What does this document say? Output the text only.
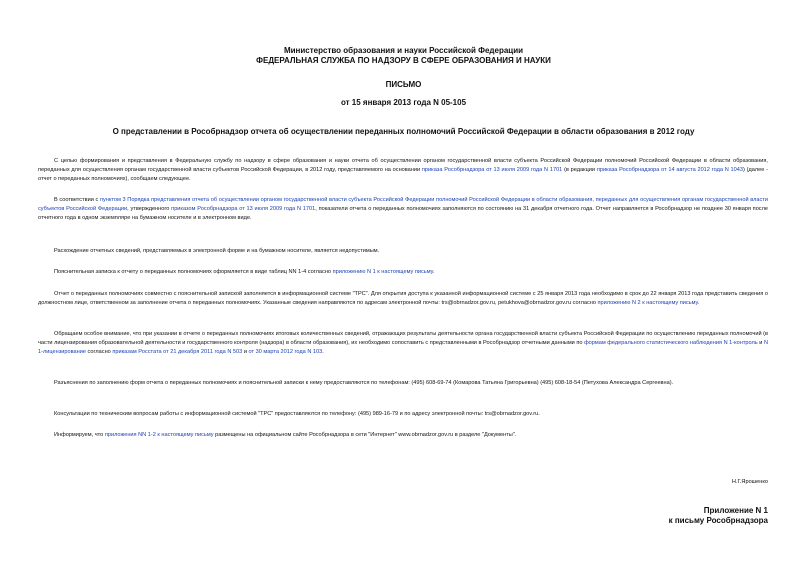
Министерство образования и науки Российской Федерации
ФЕДЕРАЛЬНАЯ СЛУЖБА ПО НАДЗОРУ В СФЕРЕ ОБРАЗОВАНИЯ И НАУКИ
ПИСЬМО
от 15 января 2013 года N 05-105
О представлении в Рособрнадзор отчета об осуществлении переданных полномочий Российской Федерации в области образования в 2012 году

С целью формирования и представления в Федеральную службу по надзору в сфере образования и науки отчета об осуществлении органом государственной власти субъекта Российской Федерации полномочий Российской Федерации в области образования, переданных для осуществления органам государственной власти субъектов Российской Федерации, в 2012 году, представляемого на основании приказа Рособрнадзора от 13 июля 2009 года N 1701 (в редакции приказа Рособрнадзора от 14 августа 2012 года N 1043) (далее - отчет о переданных полномочиях), сообщаем следующее.

В соответствии с пунктом 3 Порядка представления отчета об осуществлении органом государственной власти субъекта Российской Федерации полномочий Российской Федерации в области образования, переданных для осуществления органам государственной власти субъектов Российской Федерации, утвержденного приказом Рособрнадзора от 13 июля 2009 года N 1701, показатели отчета о переданных полномочиях заполняются по состоянию на 31 декабря отчетного года. Отчет направляется в Рособрнадзор не позднее 30 января после отчетного года в одном экземпляре на бумажном носителе и в электронном виде.

Расхождение отчетных сведений, представляемых в электронной форме и на бумажном носителе, является недопустимым.

Пояснительная записка к отчету о переданных полномочиях оформляется в виде таблиц NN 1-4 согласно приложению N 1 к настоящему письму.

Отчет о переданных полномочиях совместно с пояснительной запиской заполняется в информационной системе "ТРС". Для открытия доступа к указанной информационной системе с 25 января 2013 года необходимо в срок до 22 января 2013 года представить сведения о должностном лице, ответственном за заполнение отчета о переданных полномочиях. Указанные сведения направляются по адресам электронной почты: trs@obrnadzor.gov.ru, petukhova@obrnadzor.gov.ru согласно приложению N 2 к настоящему письму.

Обращаем особое внимание, что при указании в отчете о переданных полномочиях итоговых количественных сведений, отражающих результаты деятельности органа государственной власти субъекта Российской Федерации по осуществлению переданных полномочий (в части лицензирования образовательной деятельности и государственного контроля (надзора) в области образования), их необходимо сопоставить с представленными в Рособрнадзор отчетными данными по формам федерального статистического наблюдения N 1-контроль и N 1-лицензирование согласно приказам Росстата от 21 декабря 2011 года N 503 и от 30 марта 2012 года N 103.

Разъяснения по заполнению форм отчета о переданных полномочиях и пояснительной записки к нему предоставляются по телефонам: (495) 608-69-74 (Комарова Татьяна Григорьевна) (495) 608-18-54 (Петухова Александра Сергеевна).

Консультации по техническим вопросам работы с информационной системой "ТРС" предоставляются по телефону: (495) 989-16-79 и по адресу электронной почты: trs@obrnadzor.gov.ru.

Информируем, что приложения NN 1-2 к настоящему письму размещены на официальном сайте Рособрнадзора в сети "Интернет" www.obrnadzor.gov.ru в разделе "Документы".

Н.Г.Ярошенко
Приложение N 1
к письму Рособрнадзора
